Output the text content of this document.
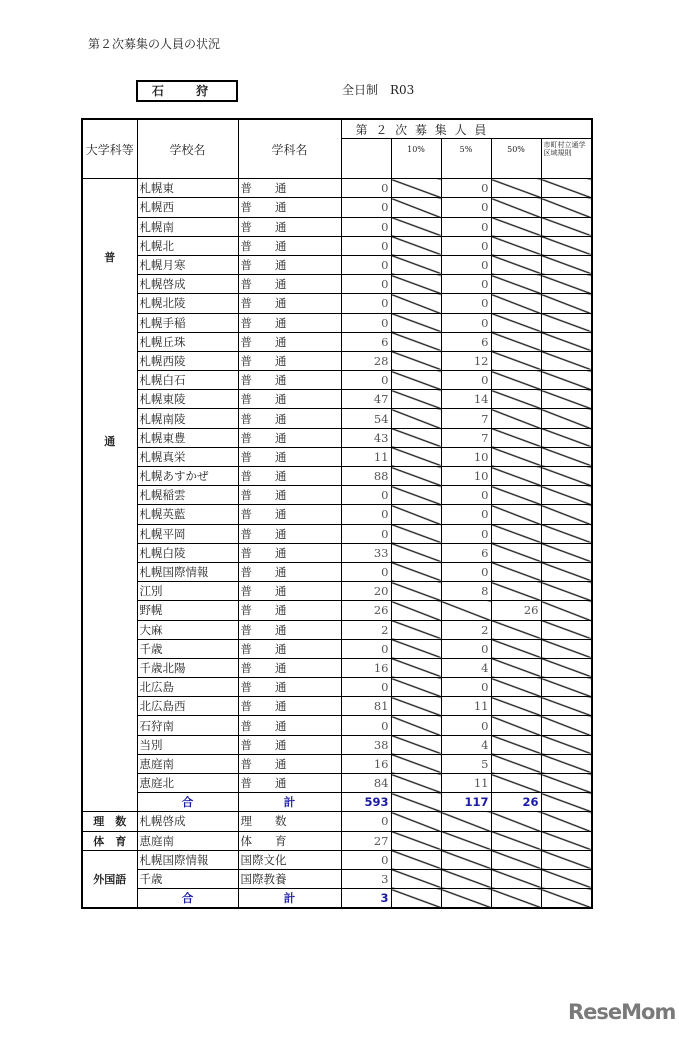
第２次募集の人員の状況
石 狩	全日制　R03
大学科等	学校名	学科名	第 ２ 次 募 集 人 員				
				10%	5%	50%	市町村立通学区域規則

普
通	札幌東	普　　通	0		0		
	札幌西	普　　通	0		0		
	札幌南	普　　通	0		0		
	札幌北	普　　通	0		0		
	札幌月寒	普　　通	0		0		
	札幌啓成	普　　通	0		0		
	札幌北陵	普　　通	0		0		
	札幌手稲	普　　通	0		0		
	札幌丘珠	普　　通	6		6		
	札幌西陵	普　　通	28		12		
	札幌白石	普　　通	0		0		
	札幌東陵	普　　通	47		14		
	札幌南陵	普　　通	54		7		
	札幌東豊	普　　通	43		7		
	札幌真栄	普　　通	11		10		
	札幌あすかぜ	普　　通	88		10		
	札幌稲雲	普　　通	0		0		
	札幌英藍	普　　通	0		0		
	札幌平岡	普　　通	0		0		
	札幌白陵	普　　通	33		6		
	札幌国際情報	普　　通	0		0		
	江別	普　　通	20		8		
	野幌	普　　通	26			26	
	大麻	普　　通	2		2		
	千歳	普　　通	0		0		
	千歳北陽	普　　通	16		4		
	北広島	普　　通	0		0		
	北広島西	普　　通	81		11		
	石狩南	普　　通	0		0		
	当別	普　　通	38		4		
	恵庭南	普　　通	16		5		
	恵庭北	普　　通	84		11		
	合	計	593		117	26	
理　数	札幌啓成	理　　数	0				
体　育	恵庭南	体　　育	27				
外国語	札幌国際情報	国際文化	0				
	千歳	国際教養	3				
	合	計	3				
ReseMom
